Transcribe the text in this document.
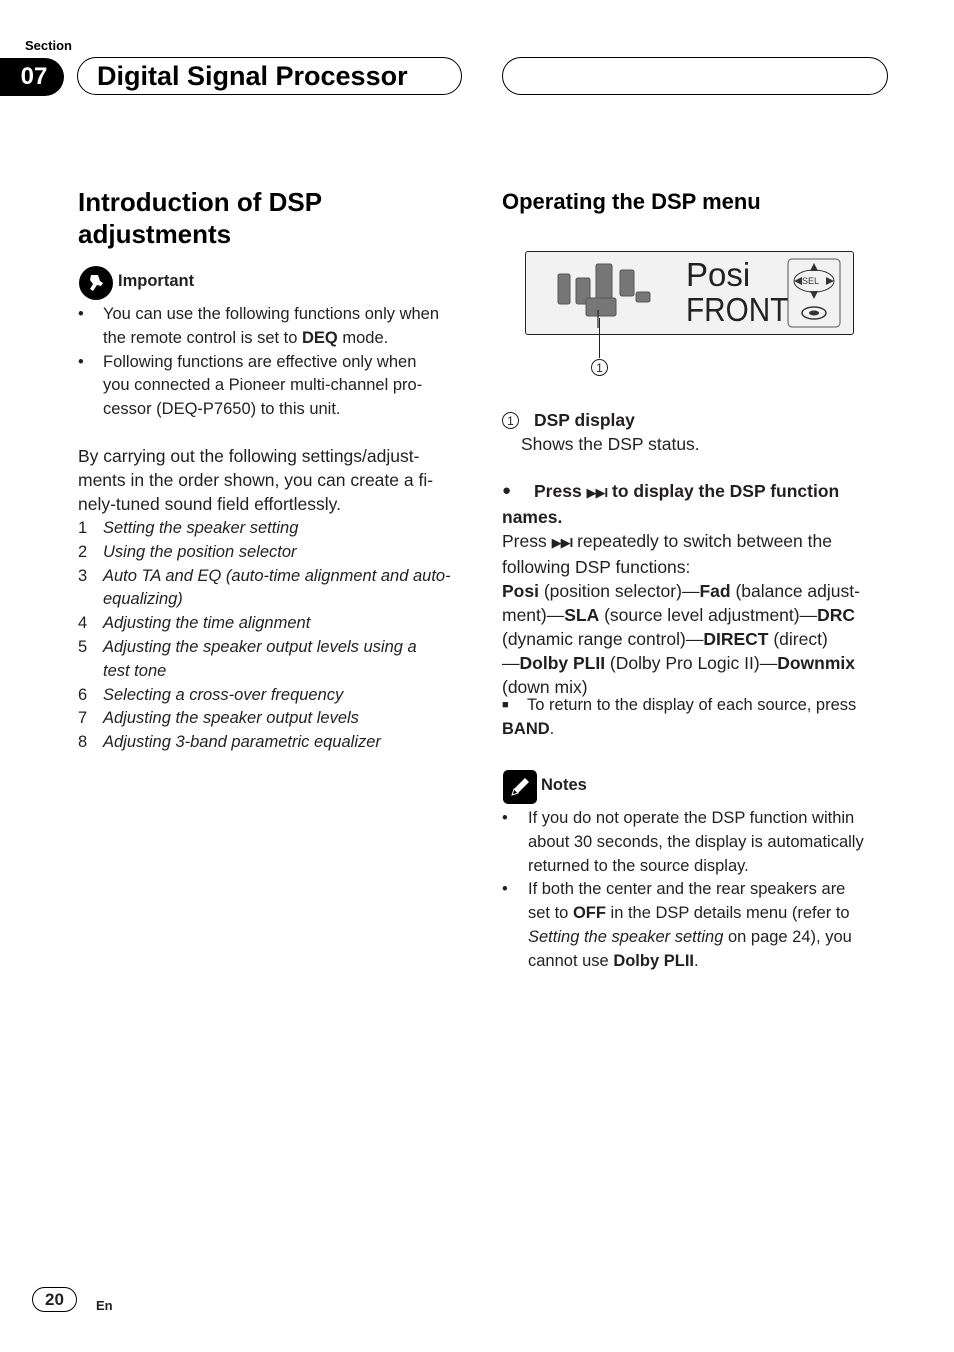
Section
07	Digital Signal Processor
Introduction of DSP
adjustments
Important
• You can use the following functions only when
the remote control is set to DEQ mode.
• Following functions are effective only when
you connected a Pioneer multi-channel pro-
cessor (DEQ-P7650) to this unit.
By carrying out the following settings/adjust-
ments in the order shown, you can create a fi-
nely-tuned sound field effortlessly.
1 Setting the speaker setting
2 Using the position selector
3 Auto TA and EQ (auto-time alignment and auto-
equalizing)
4 Adjusting the time alignment
5 Adjusting the speaker output levels using a
test tone
6 Selecting a cross-over frequency
7 Adjusting the speaker output levels
8 Adjusting 3-band parametric equalizer
Operating the DSP menu
Posi
FRONT
SEL
1
1 DSP display
Shows the DSP status.
● Press ▶▶I to display the DSP function
names.
Press ▶▶I repeatedly to switch between the
following DSP functions:
Posi (position selector)—Fad (balance adjust-
ment)—SLA (source level adjustment)—DRC
(dynamic range control)—DIRECT (direct)
—Dolby PLII (Dolby Pro Logic II)—Downmix
(down mix)
■ To return to the display of each source, press
BAND.
Notes
• If you do not operate the DSP function within
about 30 seconds, the display is automatically
returned to the source display.
• If both the center and the rear speakers are
set to OFF in the DSP details menu (refer to
Setting the speaker setting on page 24), you
cannot use Dolby PLII.
20	En
